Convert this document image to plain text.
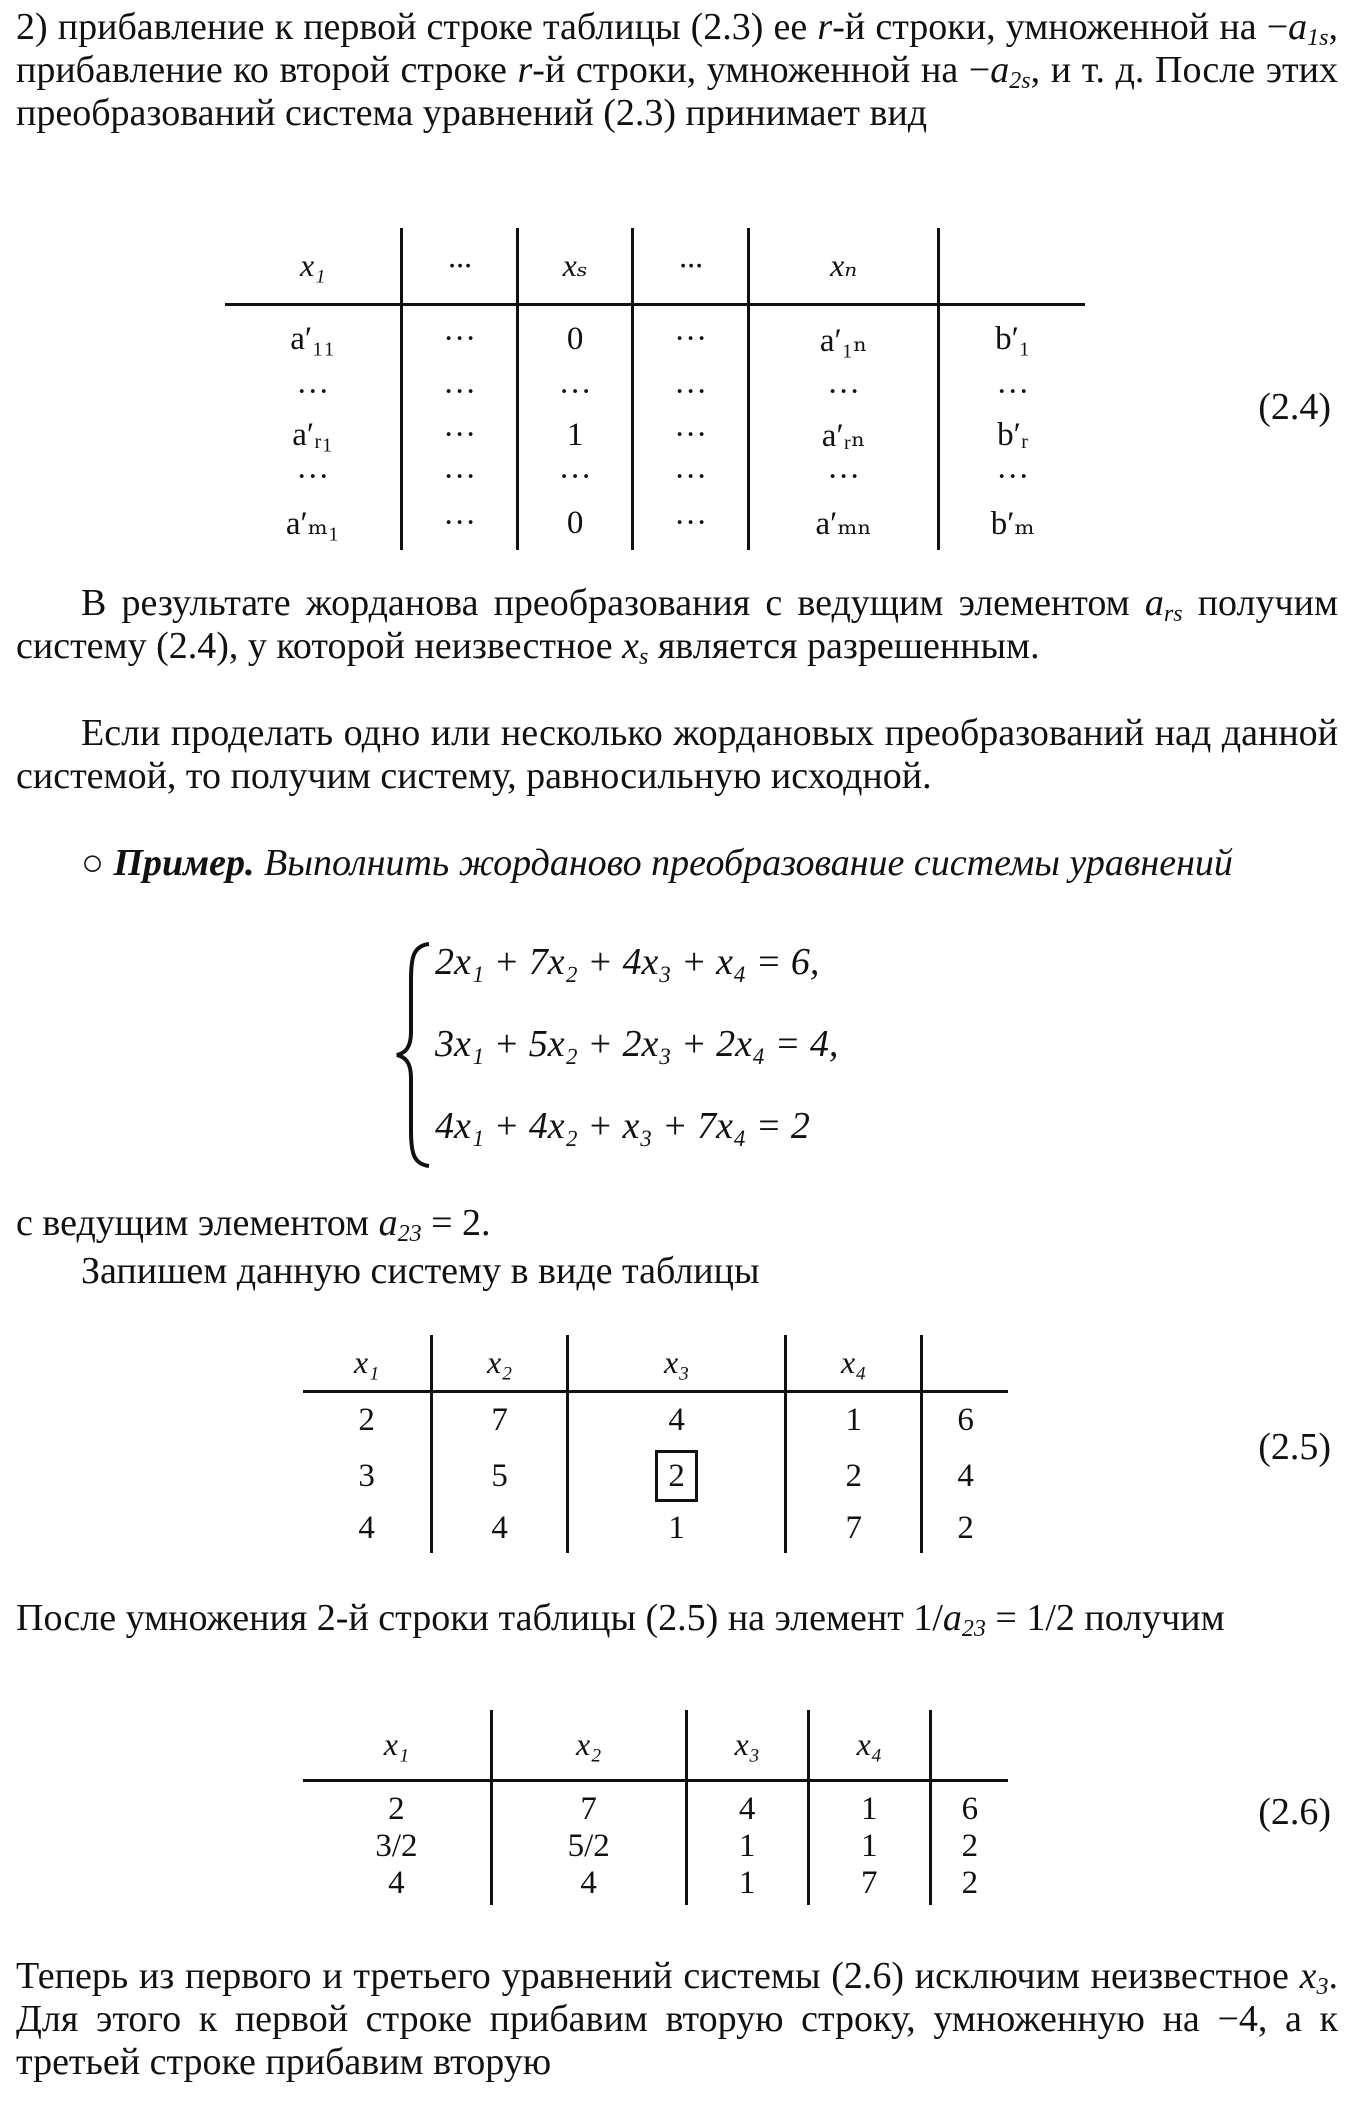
2) прибавление к первой строке таблицы (2.3) ее r-й строки, умноженной на $-a_{1s}$, прибавление ко второй строке r-й строки, умноженной на $-a_{2s}$, и т. д. После этих преобразований система уравнений (2.3) принимает вид

x₁	···	xₛ	···	xₙ	
a′₁₁	···	0	···	a′₁ₙ	b′₁
···	···	···	···	···	···
a′ᵣ₁	···	1	···	a′ᵣₙ	b′ᵣ
···	···	···	···	···	···
a′ₘ₁	···	0	···	a′ₘₙ	b′ₘ
(2.4)

В результате жорданова преобразования с ведущим элементом $a_{rs}$ получим систему (2.4), у которой неизвестное $x_s$ является разрешенным.

Если проделать одно или несколько жордановых преобразований над данной системой, то получим систему, равносильную исходной.

○ Пример. Выполнить жорданово преобразование системы уравнений

2x₁ + 7x₂ + 4x₃ + x₄ = 6,
3x₁ + 5x₂ + 2x₃ + 2x₄ = 4,
4x₁ + 4x₂ + x₃ + 7x₄ = 2

с ведущим элементом $a_{23} = 2$.

Запишем данную систему в виде таблицы

x₁	x₂	x₃	x₄	
2	7	4	1	6
3	5	2	2	4
4	4	1	7	2
(2.5)

После умножения 2-й строки таблицы (2.5) на элемент $1/a_{23} = 1/2$ получим

x₁	x₂	x₃	x₄	
2	7	4	1	6
3/2	5/2	1	1	2
4	4	1	7	2
(2.6)

Теперь из первого и третьего уравнений системы (2.6) исключим неизвестное $x_3$. Для этого к первой строке прибавим вторую строку, умноженную на −4, а к третьей строке прибавим вторую
